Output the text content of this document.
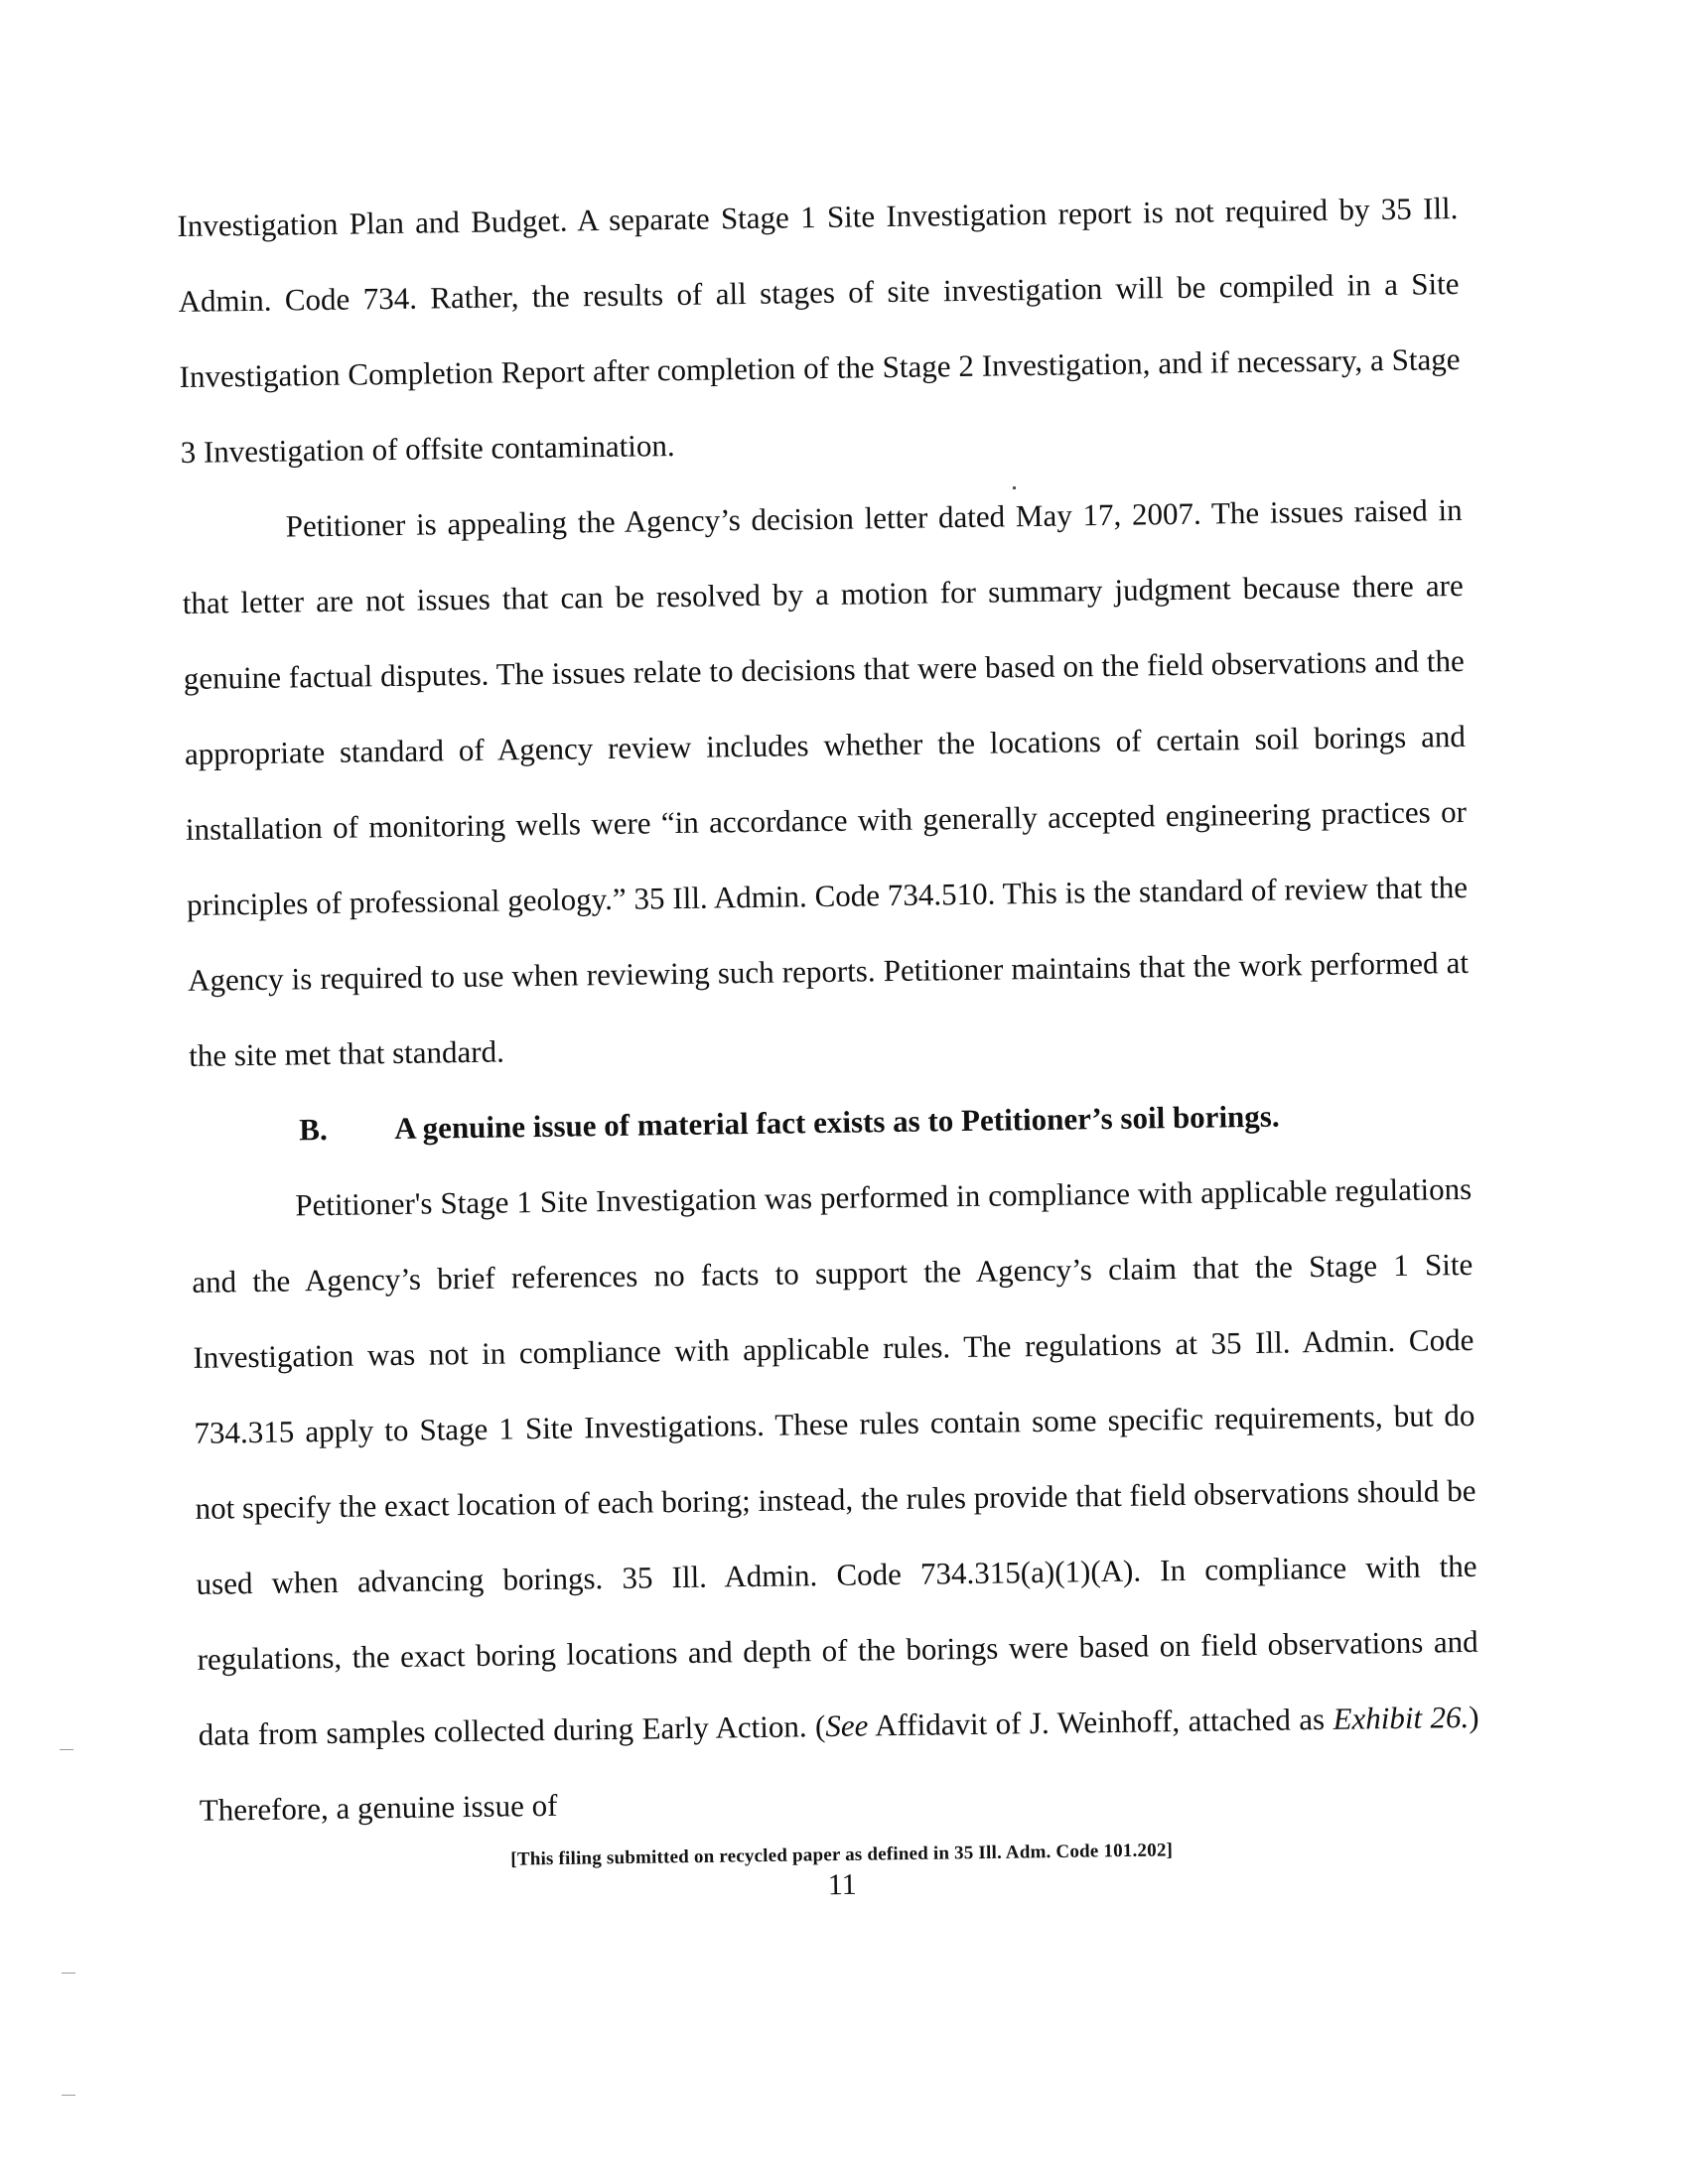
Investigation Plan and Budget. A separate Stage 1 Site Investigation report is not required by 35 Ill. Admin. Code 734. Rather, the results of all stages of site investigation will be compiled in a Site Investigation Completion Report after completion of the Stage 2 Investigation, and if necessary, a Stage 3 Investigation of offsite contamination.

Petitioner is appealing the Agency’s decision letter dated May 17, 2007. The issues raised in that letter are not issues that can be resolved by a motion for summary judgment because there are genuine factual disputes. The issues relate to decisions that were based on the field observations and the appropriate standard of Agency review includes whether the locations of certain soil borings and installation of monitoring wells were “in accordance with generally accepted engineering practices or principles of professional geology.” 35 Ill. Admin. Code 734.510. This is the standard of review that the Agency is required to use when reviewing such reports. Petitioner maintains that the work performed at the site met that standard.

B. A genuine issue of material fact exists as to Petitioner’s soil borings.

Petitioner's Stage 1 Site Investigation was performed in compliance with applicable regulations and the Agency’s brief references no facts to support the Agency’s claim that the Stage 1 Site Investigation was not in compliance with applicable rules. The regulations at 35 Ill. Admin. Code 734.315 apply to Stage 1 Site Investigations. These rules contain some specific requirements, but do not specify the exact location of each boring; instead, the rules provide that field observations should be used when advancing borings. 35 Ill. Admin. Code 734.315(a)(1)(A). In compliance with the regulations, the exact boring locations and depth of the borings were based on field observations and data from samples collected during Early Action. (See Affidavit of J. Weinhoff, attached as Exhibit 26.) Therefore, a genuine issue of

[This filing submitted on recycled paper as defined in 35 Ill. Adm. Code 101.202]

11
